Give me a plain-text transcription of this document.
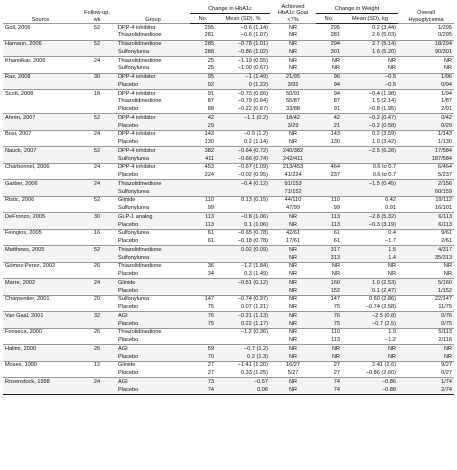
Source	Follow-up,
wk	Group	Change in HbA1c		Achieved
HbA1c Goal
<7%	Change in Weight		Overall
Hypoglycemia
			No.	Mean (SD), %		No.	Mean (SD), kg	
Goll, 2006	52	DPP-4 inhibitor	295	−0.6 (1.14)	NR	295	0.2 (3.44)	1/295
		Thiazolidinedione	281	−0.6 (1.07)	NR	281	2.6 (5.03)	0/295
Hamann, 2006	52	Thiazolidinedione	285	−0.78 (1.01)	NR	294	2.7 (5.14)	18/294
		Sulfonylurea	288	−0.86 (1.02)	NR	301	1.6 (5.20)	90/301
Khanolkar, 2006	24	Thiazolidinedione	25	−1.19 (0.55)	NR	NR	NR	NR
		Sulfonylurea	25	−1.00 (0.67)	NR	NR	NR	NR
Raz, 2008	30	DPP-4 inhibitor	95	−1 (1.49)	21/95	96	−0.5	1/96
		Placebo	92	0 (1.22)	3/92	94	−0.5	0/94
Scott, 2008	18	DPP-4 inhibitor	91	−0.73 (0.66)	50/91	94	−0.4 (1.98)	1/94
		Thiazolidinedione	87	−0.79 (0.64)	55/87	87	1.5 (2.14)	1/87
		Placebo	88	−0.22 (0.67)	33/88	91	−0.8 (1.95)	2/91
Ahrén, 2007	52	DPP-4 inhibitor	42	−1.1 (0.2)	18/42	42	−0.2 (0.47)	0/42
		Placebo	29		3/29	21	−0.2 (0.58)	0/29
Bosi, 2007	24	DPP-4 inhibitor	143	−0.9 (1.2)	NR	143	0.2 (3.59)	1/143
		Placebo	130	0.2 (1.14)	NR	130	1.0 (3.42)	1/130
Nauck, 2007	52	DPP-4 inhibitor	382	−0.64 (0.72)	240/382		−2.5 (6.28)	17/584
		Sulfonylurea	411	−0.66 (0.74)	242/411			187/584
Charbonnel, 2006	24	DPP-4 inhibitor	453	−0.67 (1.09)	213/453	464	0.6 to 0.7	6/464
		Placebo	224	−0.02 (0.95)	41/224	237	0.6 to 0.7	5/237
Garber, 2006	24	Thiazolidinedione		−0.4 (0.12)	91/153		−1.5 (0.45)	2/156
		Sulfonylurea			71/152			60/159
Ristic, 2006	52	Glinide	110	0.13 (0.15)	44/110	110	0.42	19/112
		Sulfonylurea	99		47/99	99	0.91	16/101
DeFronzo, 2005	30	GLP-1 analog	113	−0.8 (1.06)	NR	113	−2.8 (5.32)	6/113
		Placebo	113	0.1 (1.06)	NR	113	−0.3 (3.19)	6/113
Feinglos, 2005	16	Sulfonylurea	61	−0.65 (0.78)	42/61	61	0.4	9/61
		Placebo	61	−0.18 (0.78)	17/61	61	−1.7	2/61
Matthews, 2005	52	Thiazolidinedione		0.02 (0.09)	NR	317	1.5	4/317
		Sulfonylurea			NR	313	1.4	35/313
Gómez-Perez, 2002	26	Thiazolidinedione	36	−1.2 (1.84)	NR	NR	NR	NR
		Placebo	34	0.3 (1.49)	NR	NR	NR	NR
Marre, 2002	24	Glinide		−0.51 (0.12)	NR	160	1.0 (2.53)	5/160
		Placebo			NR	152	0.1 (2.47)	1/152
Charpentier, 2001	20	Sulfonylurea	147	−0.74 (0.97)	NR	147	0.60 (2.86)	22/147
		Placebo	75	0.07 (1.21)	NR	75	−0.74 (2.58)	11/75
Van Gaal, 2001	32	AGI	76	−0.21 (1.13)	NR	76	−2.5 (0.8)	0/76
		Placebo	75	0.22 (1.17)	NR	75	−0.7 (2.5)	0/75
Fonseca, 2000	26	Thiazolidinedione		−1.2 (0.36)	NR	110	1.9	5/113
		Placebo			NR	113	−1.2	2/116
Halimi, 2000	26	AGI	59	−0.7 (1.2)	NR	NR	NR	NR
		Placebo	70	0.2 (1.3)	NR	NR	NR	NR
Moses, 1999	12	Glinide	27	−1.41 (1.20)	16/27	27	2.41 (2.6)	9/27
		Placebo	27	0.33 (1.25)	5/27	27	−0.86 (2.60)	0/27
Rosenstock, 1998	24	AGI	73	−0.57	NR	74	−0.86	1/74
		Placebo	74	0.06	NR	74	−0.88	2/74
